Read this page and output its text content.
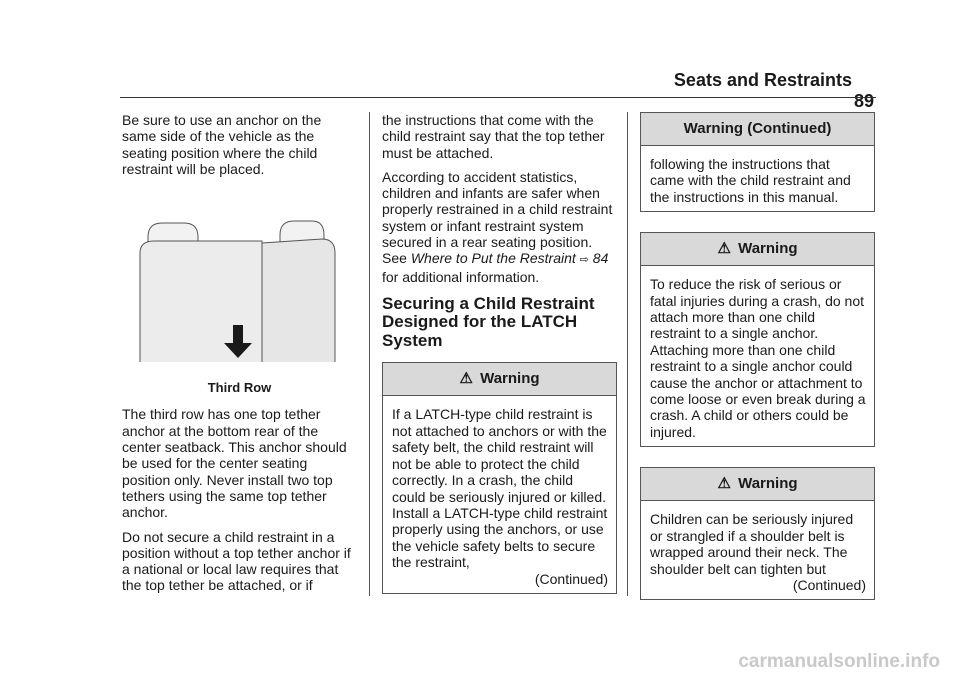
Seats and Restraints 89

Be sure to use an anchor on the same side of the vehicle as the seating position where the child restraint will be placed.

Third Row

The third row has one top tether anchor at the bottom rear of the center seatback. This anchor should be used for the center seating position only. Never install two top tethers using the same top tether anchor.

Do not secure a child restraint in a position without a top tether anchor if a national or local law requires that the top tether be attached, or if

the instructions that come with the child restraint say that the top tether must be attached.

According to accident statistics, children and infants are safer when properly restrained in a child restraint system or infant restraint system secured in a rear seating position. See Where to Put the Restraint ⇨ 84 for additional information.

Securing a Child Restraint Designed for the LATCH System
⚠ Warning
If a LATCH-type child restraint is not attached to anchors or with the safety belt, the child restraint will not be able to protect the child correctly. In a crash, the child could be seriously injured or killed. Install a LATCH-type child restraint properly using the anchors, or use the vehicle safety belts to secure the restraint,
(Continued)
Warning (Continued)
following the instructions that came with the child restraint and the instructions in this manual.
⚠ Warning
To reduce the risk of serious or fatal injuries during a crash, do not attach more than one child restraint to a single anchor. Attaching more than one child restraint to a single anchor could cause the anchor or attachment to come loose or even break during a crash. A child or others could be injured.
⚠ Warning
Children can be seriously injured or strangled if a shoulder belt is wrapped around their neck. The shoulder belt can tighten but
(Continued)
carmanualsonline.info
